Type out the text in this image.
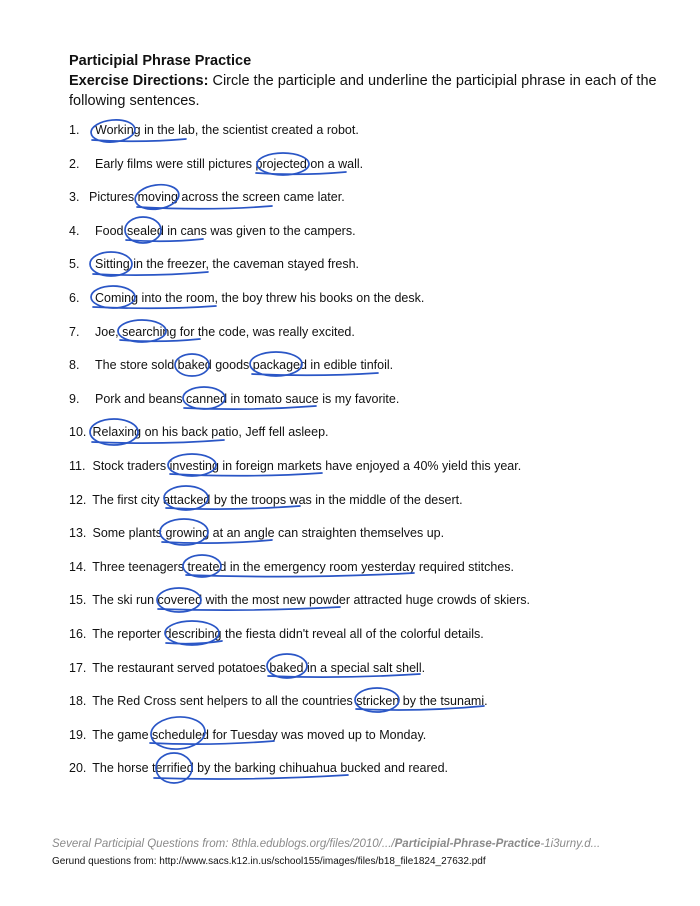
Participial Phrase Practice
Exercise Directions: Circle the participle and underline the participial phrase in each of the following sentences.
1. Working in the lab, the scientist created a robot.
2. Early films were still pictures projected on a wall.
3. Pictures moving across the screen came later.
4. Food sealed in cans was given to the campers.
5. Sitting in the freezer, the caveman stayed fresh.
6. Coming into the room, the boy threw his books on the desk.
7. Joe, searching for the code, was really excited.
8. The store sold baked goods packaged in edible tinfoil.
9. Pork and beans canned in tomato sauce is my favorite.
10. Relaxing on his back patio, Jeff fell asleep.
11. Stock traders investing in foreign markets have enjoyed a 40% yield this year.
12. The first city attacked by the troops was in the middle of the desert.
13. Some plants growing at an angle can straighten themselves up.
14. Three teenagers treated in the emergency room yesterday required stitches.
15. The ski run covered with the most new powder attracted huge crowds of skiers.
16. The reporter describing the fiesta didn't reveal all of the colorful details.
17. The restaurant served potatoes baked in a special salt shell.
18. The Red Cross sent helpers to all the countries stricken by the tsunami.
19. The game scheduled for Tuesday was moved up to Monday.
20. The horse terrified by the barking chihuahua bucked and reared.
Several Participial Questions from: 8thla.edublogs.org/files/2010/.../Participial-Phrase-Practice-1i3urny.d...
Gerund questions from: http://www.sacs.k12.in.us/school155/images/files/b18_file1824_27632.pdf
